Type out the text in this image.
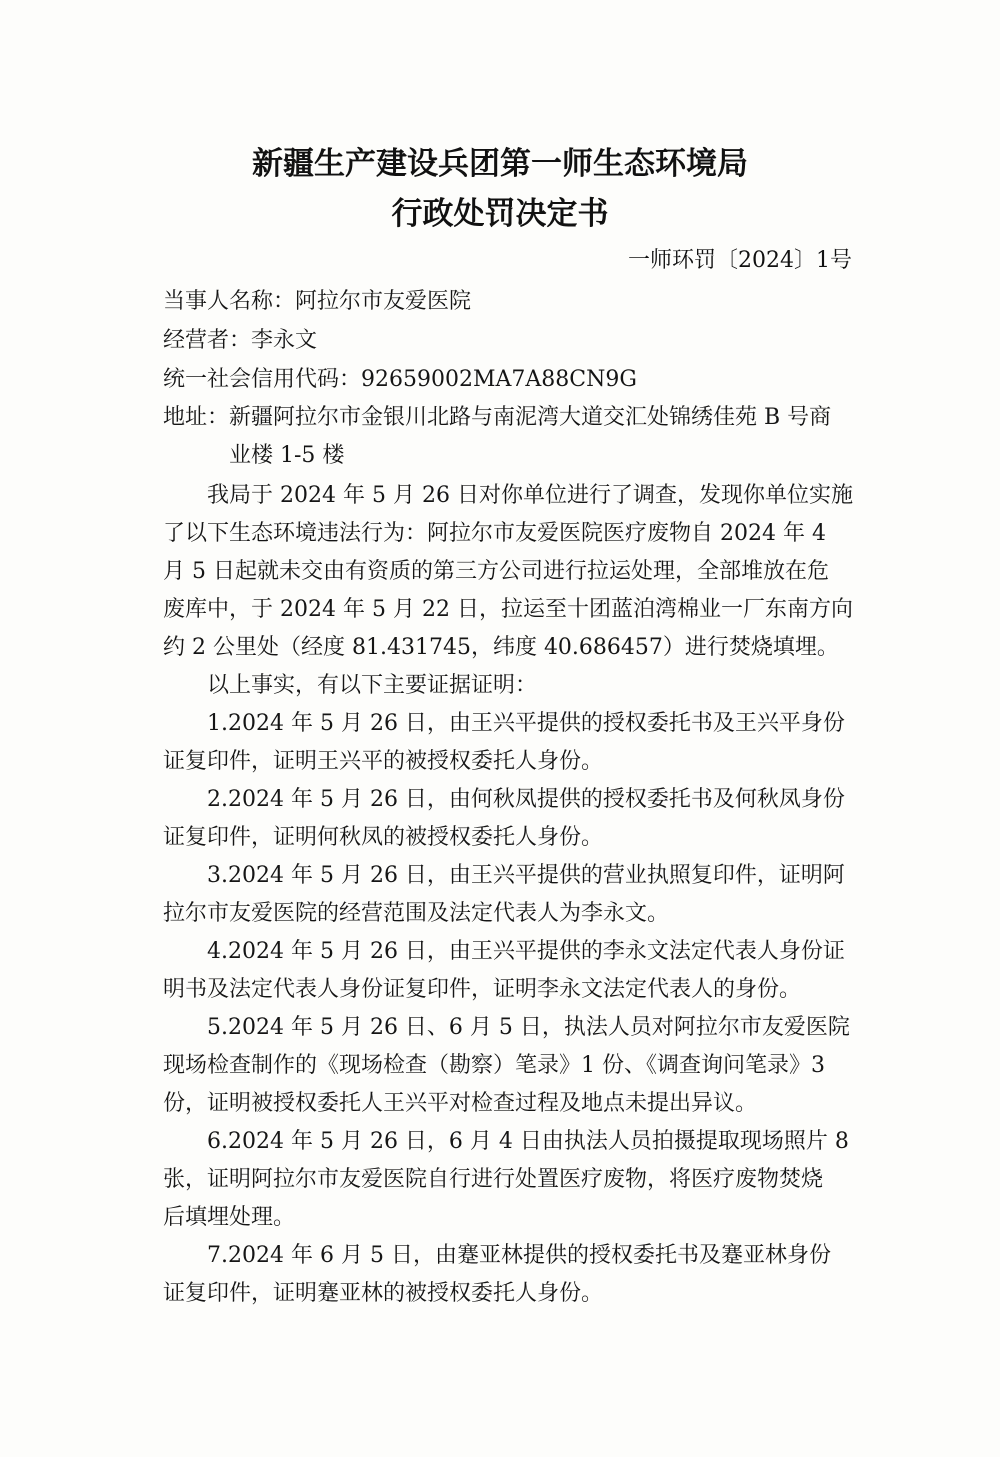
新疆生产建设兵团第一师生态环境局
行政处罚决定书
一师环罚〔2024〕1号
当事人名称：阿拉尔市友爱医院
经营者：李永文
统一社会信用代码：92659002MA7A88CN9G
地址：新疆阿拉尔市金银川北路与南泥湾大道交汇处锦绣佳苑 B 号商
业楼 1-5 楼
我局于 2024 年 5 月 26 日对你单位进行了调查，发现你单位实施
了以下生态环境违法行为：阿拉尔市友爱医院医疗废物自 2024 年 4
月 5 日起就未交由有资质的第三方公司进行拉运处理，全部堆放在危
废库中，于 2024 年 5 月 22 日，拉运至十团蓝泊湾棉业一厂东南方向
约 2 公里处（经度 81.431745，纬度 40.686457）进行焚烧填埋。
以上事实，有以下主要证据证明：
1.2024 年 5 月 26 日，由王兴平提供的授权委托书及王兴平身份
证复印件，证明王兴平的被授权委托人身份。
2.2024 年 5 月 26 日，由何秋凤提供的授权委托书及何秋凤身份
证复印件，证明何秋凤的被授权委托人身份。
3.2024 年 5 月 26 日，由王兴平提供的营业执照复印件，证明阿
拉尔市友爱医院的经营范围及法定代表人为李永文。
4.2024 年 5 月 26 日，由王兴平提供的李永文法定代表人身份证
明书及法定代表人身份证复印件，证明李永文法定代表人的身份。
5.2024 年 5 月 26 日、6 月 5 日，执法人员对阿拉尔市友爱医院
现场检查制作的《现场检查（勘察）笔录》1 份、《调查询问笔录》3
份，证明被授权委托人王兴平对检查过程及地点未提出异议。
6.2024 年 5 月 26 日，6 月 4 日由执法人员拍摄提取现场照片 8
张，证明阿拉尔市友爱医院自行进行处置医疗废物，将医疗废物焚烧
后填埋处理。
7.2024 年 6 月 5 日，由蹇亚林提供的授权委托书及蹇亚林身份
证复印件，证明蹇亚林的被授权委托人身份。
